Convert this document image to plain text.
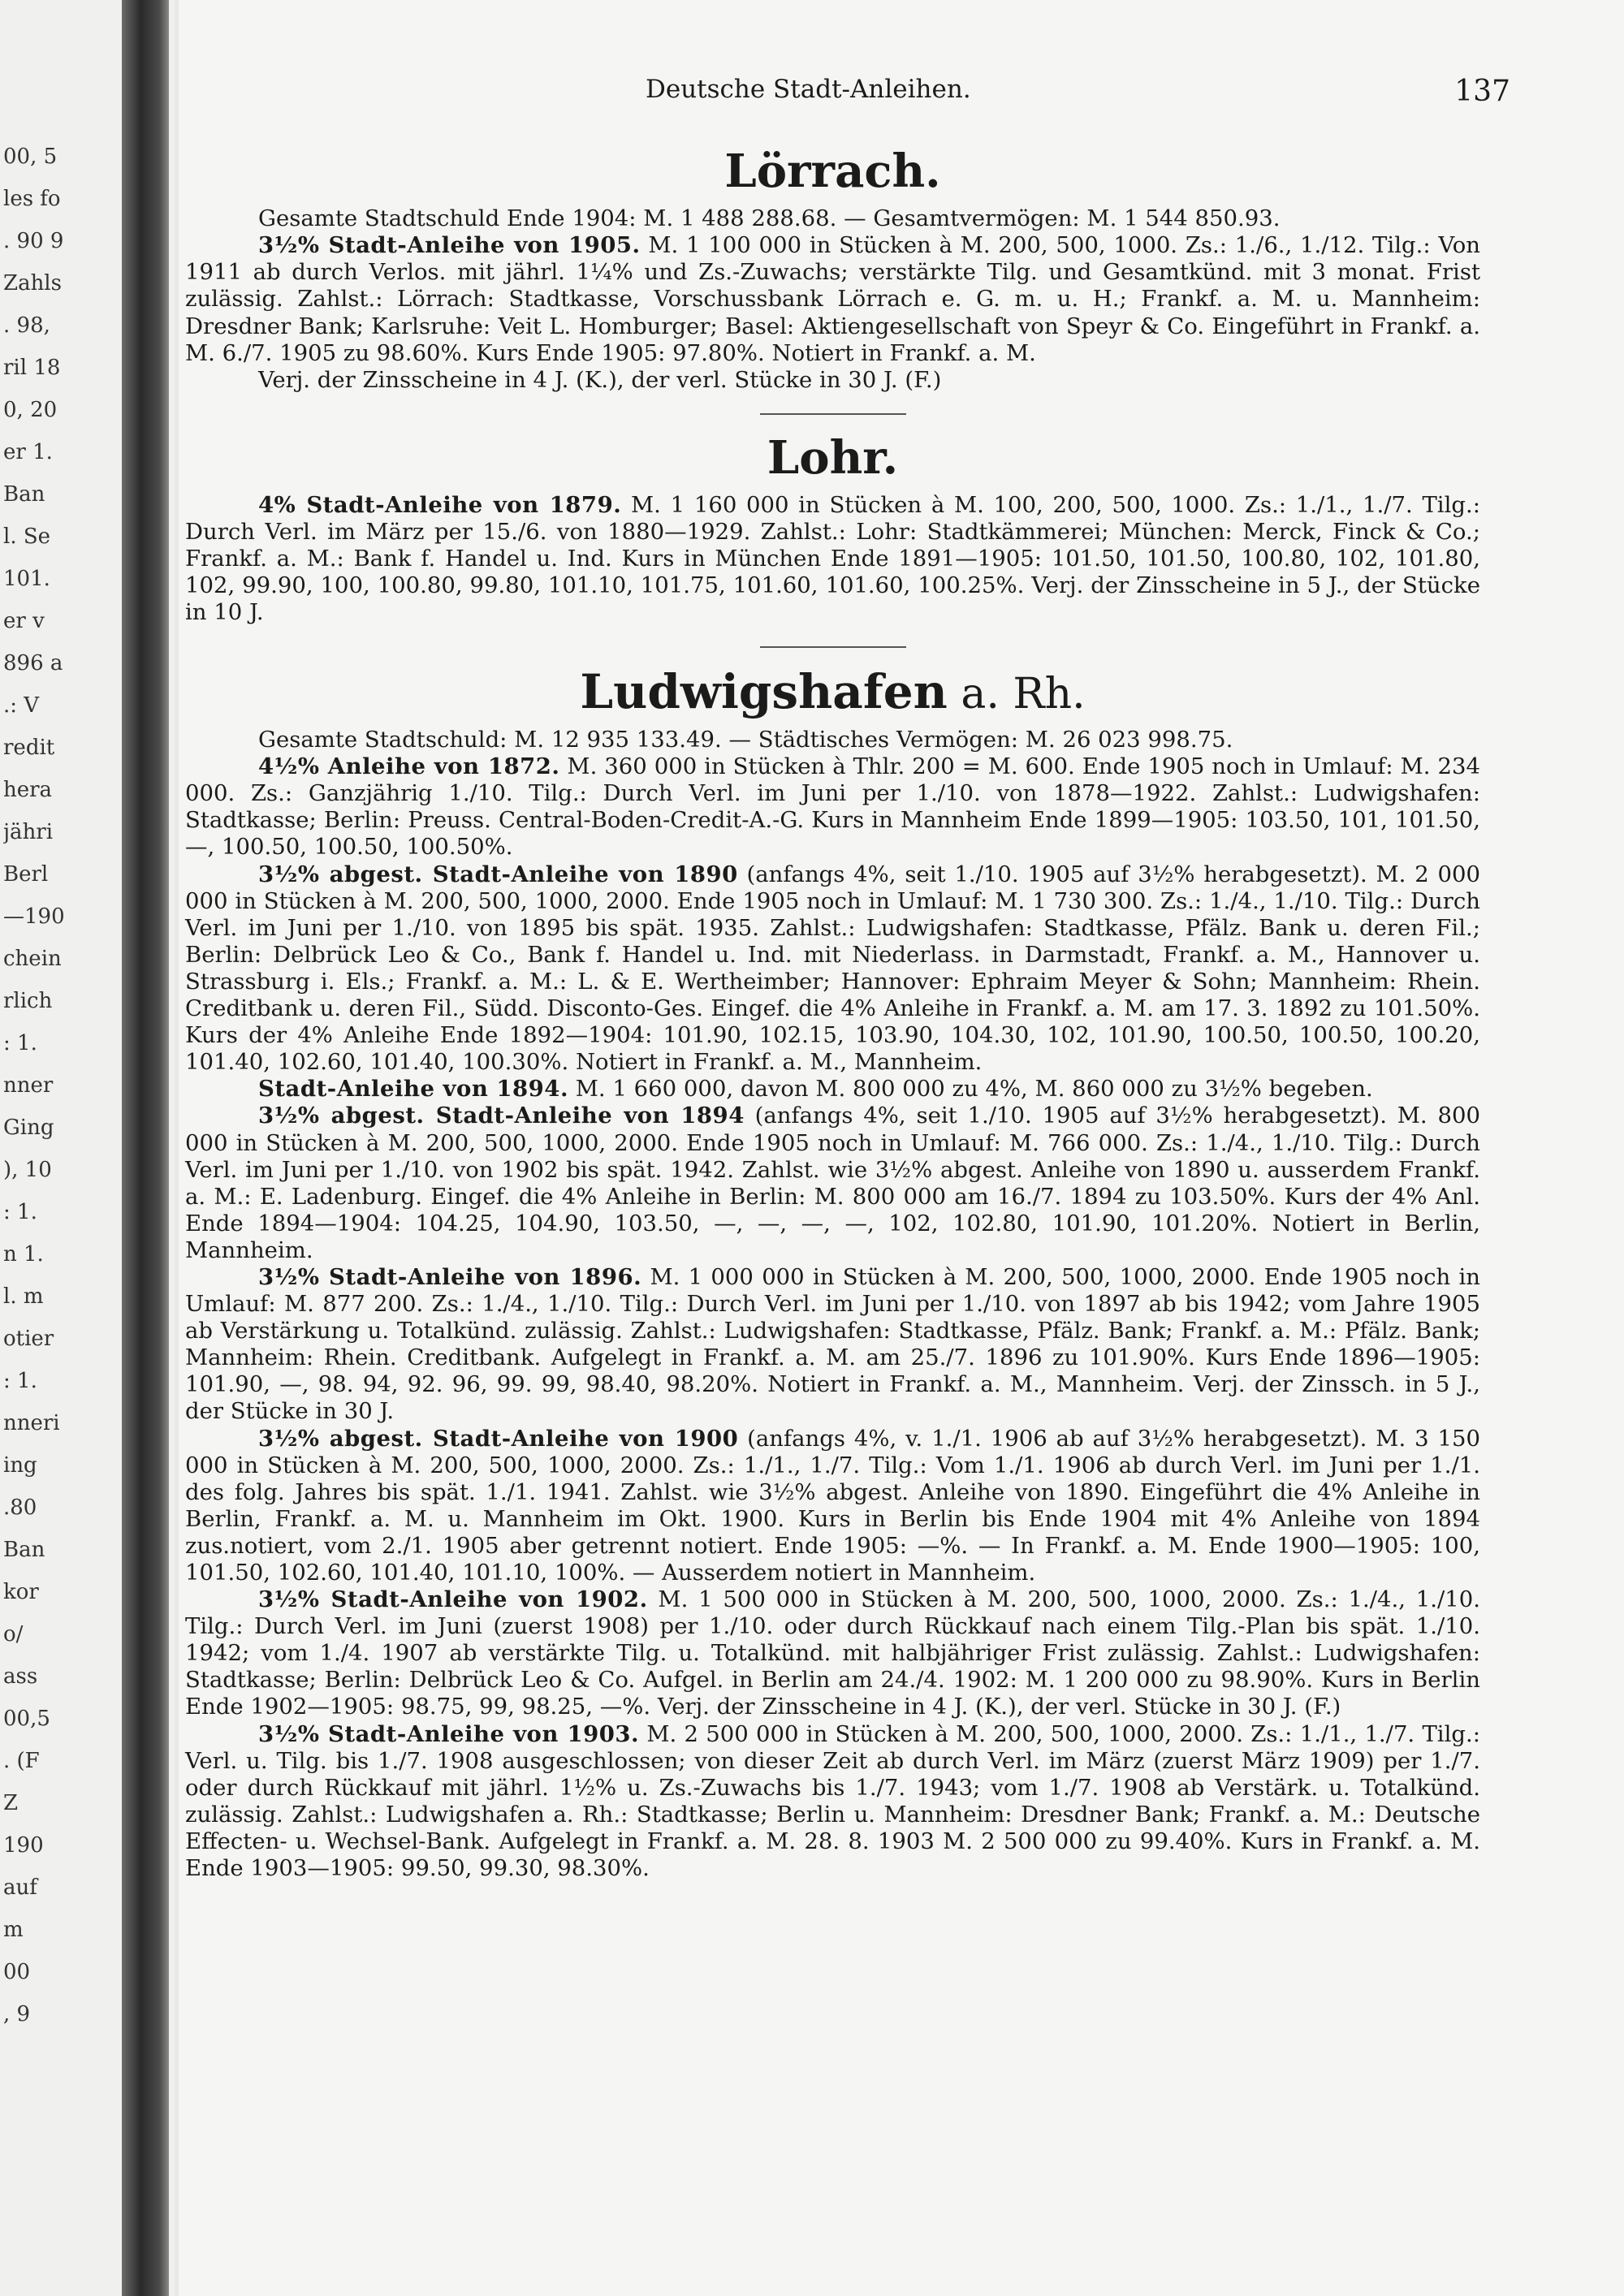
00, 5
les fo
. 90 9
Zahls
. 98,
ril 18
0, 20
er 1.
Ban
l. Se
101.
er v
896 a
.: V
redit
hera
jähri
Berl
—190
chein
rlich
: 1.
nner
Ging
), 10
: 1.
n 1.
l. m
otier
: 1.
nneri
ing
.80
Ban
kor
o/
ass
00,5
. (F
Z
190
auf
m
00
, 9
Deutsche Stadt-Anleihen.	137
Lörrach.

Gesamte Stadtschuld Ende 1904: M. 1 488 288.68. — Gesamtvermögen: M. 1 544 850.93.

3½% Stadt-Anleihe von 1905. M. 1 100 000 in Stücken à M. 200, 500, 1000. Zs.: 1./6., 1./12. Tilg.: Von 1911 ab durch Verlos. mit jährl. 1¼% und Zs.-Zuwachs; verstärkte Tilg. und Gesamtkünd. mit 3 monat. Frist zulässig. Zahlst.: Lörrach: Stadtkasse, Vorschussbank Lörrach e. G. m. u. H.; Frankf. a. M. u. Mannheim: Dresdner Bank; Karlsruhe: Veit L. Homburger; Basel: Aktiengesellschaft von Speyr & Co. Eingeführt in Frankf. a. M. 6./7. 1905 zu 98.60%. Kurs Ende 1905: 97.80%. Notiert in Frankf. a. M.

Verj. der Zinsscheine in 4 J. (K.), der verl. Stücke in 30 J. (F.)

Lohr.

4% Stadt-Anleihe von 1879. M. 1 160 000 in Stücken à M. 100, 200, 500, 1000. Zs.: 1./1., 1./7. Tilg.: Durch Verl. im März per 15./6. von 1880—1929. Zahlst.: Lohr: Stadtkämmerei; München: Merck, Finck & Co.; Frankf. a. M.: Bank f. Handel u. Ind. Kurs in München Ende 1891—1905: 101.50, 101.50, 100.80, 102, 101.80, 102, 99.90, 100, 100.80, 99.80, 101.10, 101.75, 101.60, 101.60, 100.25%. Verj. der Zinsscheine in 5 J., der Stücke in 10 J.

Ludwigshafen a. Rh.

Gesamte Stadtschuld: M. 12 935 133.49. — Städtisches Vermögen: M. 26 023 998.75.

4½% Anleihe von 1872. M. 360 000 in Stücken à Thlr. 200 = M. 600. Ende 1905 noch in Umlauf: M. 234 000. Zs.: Ganzjährig 1./10. Tilg.: Durch Verl. im Juni per 1./10. von 1878—1922. Zahlst.: Ludwigshafen: Stadtkasse; Berlin: Preuss. Central-Boden-Credit-A.-G. Kurs in Mannheim Ende 1899—1905: 103.50, 101, 101.50, —, 100.50, 100.50, 100.50%.

3½% abgest. Stadt-Anleihe von 1890 (anfangs 4%, seit 1./10. 1905 auf 3½% herabgesetzt). M. 2 000 000 in Stücken à M. 200, 500, 1000, 2000. Ende 1905 noch in Umlauf: M. 1 730 300. Zs.: 1./4., 1./10. Tilg.: Durch Verl. im Juni per 1./10. von 1895 bis spät. 1935. Zahlst.: Ludwigshafen: Stadtkasse, Pfälz. Bank u. deren Fil.; Berlin: Delbrück Leo & Co., Bank f. Handel u. Ind. mit Niederlass. in Darmstadt, Frankf. a. M., Hannover u. Strassburg i. Els.; Frankf. a. M.: L. & E. Wertheimber; Hannover: Ephraim Meyer & Sohn; Mannheim: Rhein. Creditbank u. deren Fil., Südd. Disconto-Ges. Eingef. die 4% Anleihe in Frankf. a. M. am 17. 3. 1892 zu 101.50%. Kurs der 4% Anleihe Ende 1892—1904: 101.90, 102.15, 103.90, 104.30, 102, 101.90, 100.50, 100.50, 100.20, 101.40, 102.60, 101.40, 100.30%. Notiert in Frankf. a. M., Mannheim.

Stadt-Anleihe von 1894. M. 1 660 000, davon M. 800 000 zu 4%, M. 860 000 zu 3½% begeben.

3½% abgest. Stadt-Anleihe von 1894 (anfangs 4%, seit 1./10. 1905 auf 3½% herabgesetzt). M. 800 000 in Stücken à M. 200, 500, 1000, 2000. Ende 1905 noch in Umlauf: M. 766 000. Zs.: 1./4., 1./10. Tilg.: Durch Verl. im Juni per 1./10. von 1902 bis spät. 1942. Zahlst. wie 3½% abgest. Anleihe von 1890 u. ausserdem Frankf. a. M.: E. Ladenburg. Eingef. die 4% Anleihe in Berlin: M. 800 000 am 16./7. 1894 zu 103.50%. Kurs der 4% Anl. Ende 1894—1904: 104.25, 104.90, 103.50, —, —, —, —, 102, 102.80, 101.90, 101.20%. Notiert in Berlin, Mannheim.

3½% Stadt-Anleihe von 1896. M. 1 000 000 in Stücken à M. 200, 500, 1000, 2000. Ende 1905 noch in Umlauf: M. 877 200. Zs.: 1./4., 1./10. Tilg.: Durch Verl. im Juni per 1./10. von 1897 ab bis 1942; vom Jahre 1905 ab Verstärkung u. Totalkünd. zulässig. Zahlst.: Ludwigshafen: Stadtkasse, Pfälz. Bank; Frankf. a. M.: Pfälz. Bank; Mannheim: Rhein. Creditbank. Aufgelegt in Frankf. a. M. am 25./7. 1896 zu 101.90%. Kurs Ende 1896—1905: 101.90, —, 98. 94, 92. 96, 99. 99, 98.40, 98.20%. Notiert in Frankf. a. M., Mannheim. Verj. der Zinssch. in 5 J., der Stücke in 30 J.

3½% abgest. Stadt-Anleihe von 1900 (anfangs 4%, v. 1./1. 1906 ab auf 3½% herabgesetzt). M. 3 150 000 in Stücken à M. 200, 500, 1000, 2000. Zs.: 1./1., 1./7. Tilg.: Vom 1./1. 1906 ab durch Verl. im Juni per 1./1. des folg. Jahres bis spät. 1./1. 1941. Zahlst. wie 3½% abgest. Anleihe von 1890. Eingeführt die 4% Anleihe in Berlin, Frankf. a. M. u. Mannheim im Okt. 1900. Kurs in Berlin bis Ende 1904 mit 4% Anleihe von 1894 zus.notiert, vom 2./1. 1905 aber getrennt notiert. Ende 1905: —%. — In Frankf. a. M. Ende 1900—1905: 100, 101.50, 102.60, 101.40, 101.10, 100%. — Ausserdem notiert in Mannheim.

3½% Stadt-Anleihe von 1902. M. 1 500 000 in Stücken à M. 200, 500, 1000, 2000. Zs.: 1./4., 1./10. Tilg.: Durch Verl. im Juni (zuerst 1908) per 1./10. oder durch Rückkauf nach einem Tilg.-Plan bis spät. 1./10. 1942; vom 1./4. 1907 ab verstärkte Tilg. u. Totalkünd. mit halbjähriger Frist zulässig. Zahlst.: Ludwigshafen: Stadtkasse; Berlin: Delbrück Leo & Co. Aufgel. in Berlin am 24./4. 1902: M. 1 200 000 zu 98.90%. Kurs in Berlin Ende 1902—1905: 98.75, 99, 98.25, —%. Verj. der Zinsscheine in 4 J. (K.), der verl. Stücke in 30 J. (F.)

3½% Stadt-Anleihe von 1903. M. 2 500 000 in Stücken à M. 200, 500, 1000, 2000. Zs.: 1./1., 1./7. Tilg.: Verl. u. Tilg. bis 1./7. 1908 ausgeschlossen; von dieser Zeit ab durch Verl. im März (zuerst März 1909) per 1./7. oder durch Rückkauf mit jährl. 1½% u. Zs.-Zuwachs bis 1./7. 1943; vom 1./7. 1908 ab Verstärk. u. Totalkünd. zulässig. Zahlst.: Ludwigshafen a. Rh.: Stadtkasse; Berlin u. Mannheim: Dresdner Bank; Frankf. a. M.: Deutsche Effecten- u. Wechsel-Bank. Aufgelegt in Frankf. a. M. 28. 8. 1903 M. 2 500 000 zu 99.40%. Kurs in Frankf. a. M. Ende 1903—1905: 99.50, 99.30, 98.30%.
